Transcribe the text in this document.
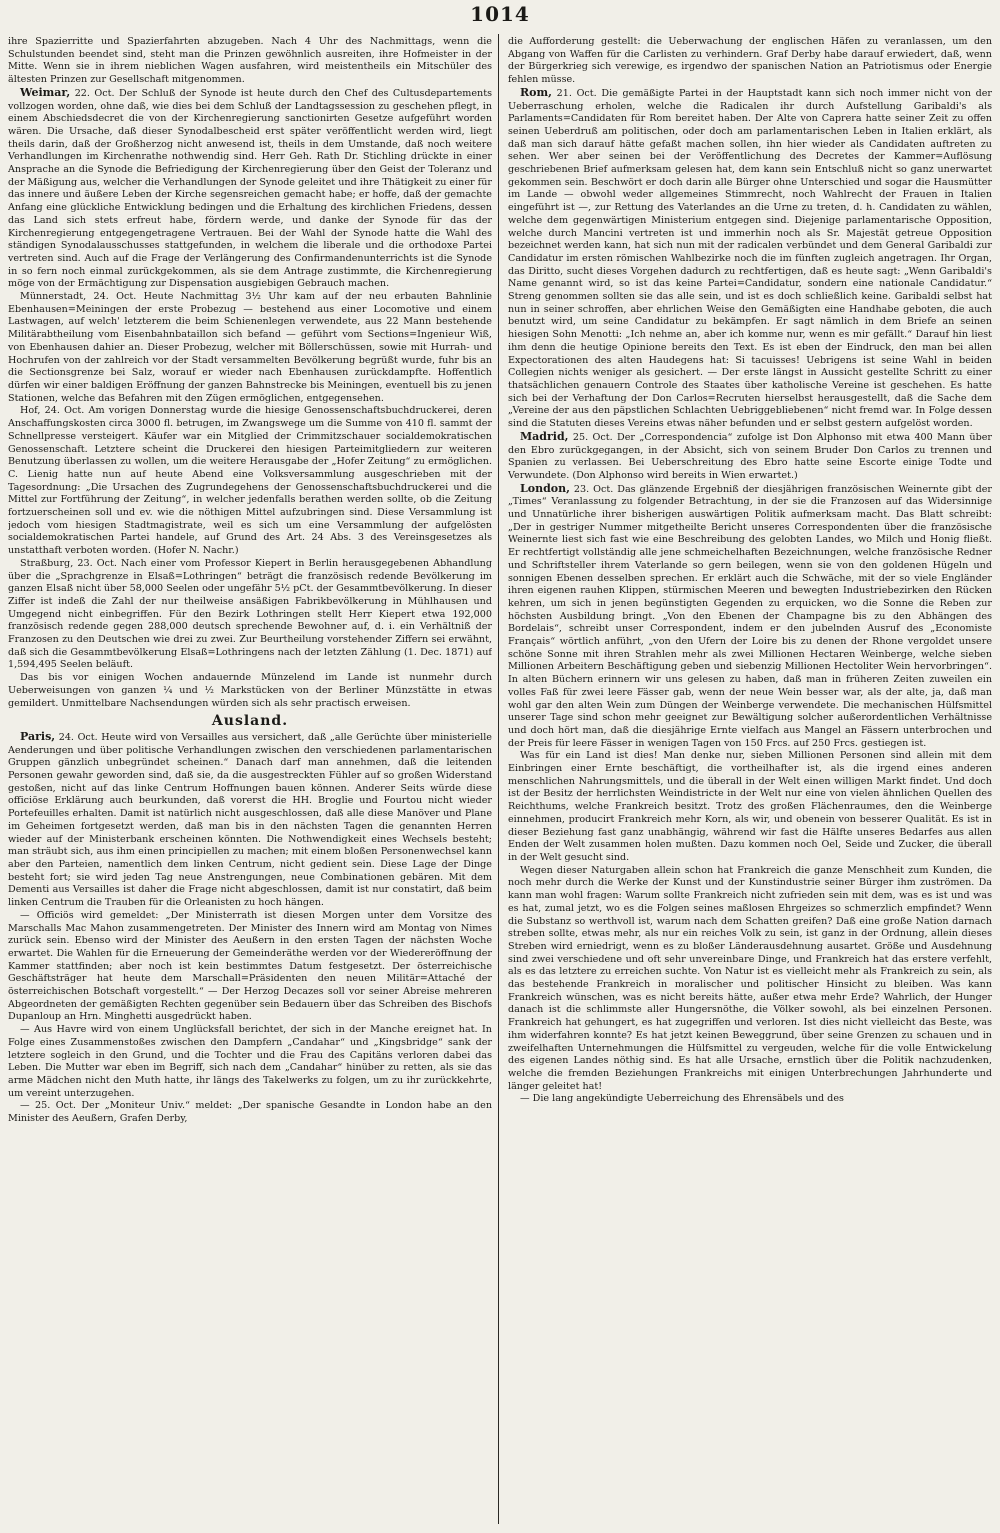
1014

ihre Spazierritte und Spazierfahrten abzugeben. Nach 4 Uhr des Nachmittags, wenn die Schulstunden beendet sind, steht man die Prinzen gewöhnlich ausreiten, ihre Hofmeister in der Mitte. Wenn sie in ihrem nieblichen Wagen ausfahren, wird meistentheils ein Mitschüler des ältesten Prinzen zur Gesellschaft mitgenommen.

Weimar, 22. Oct. Der Schluß der Synode ist heute durch den Chef des Cultusdepartements vollzogen worden, ohne daß, wie dies bei dem Schluß der Landtagssession zu geschehen pflegt, in einem Abschiedsdecret die von der Kirchenregierung sanctionirten Gesetze aufgeführt worden wären. Die Ursache, daß dieser Synodalbescheid erst später veröffentlicht werden wird, liegt theils darin, daß der Großherzog nicht anwesend ist, theils in dem Umstande, daß noch weitere Verhandlungen im Kirchenrathe nothwendig sind. Herr Geh. Rath Dr. Stichling drückte in einer Ansprache an die Synode die Befriedigung der Kirchenregierung über den Geist der Toleranz und der Mäßigung aus, welcher die Verhandlungen der Synode geleitet und ihre Thätigkeit zu einer für das innere und äußere Leben der Kirche segensreichen gemacht habe; er hoffe, daß der gemachte Anfang eine glückliche Entwicklung bedingen und die Erhaltung des kirchlichen Friedens, dessen das Land sich stets erfreut habe, fördern werde, und danke der Synode für das der Kirchenregierung entgegengetragene Vertrauen. Bei der Wahl der Synode hatte die Wahl des ständigen Synodalausschusses stattgefunden, in welchem die liberale und die orthodoxe Partei vertreten sind. Auch auf die Frage der Verlängerung des Confirmandenunterrichts ist die Synode in so fern noch einmal zurückgekommen, als sie dem Antrage zustimmte, die Kirchenregierung möge von der Ermächtigung zur Dispensation ausgiebigen Gebrauch machen.

Münnerstadt, 24. Oct. Heute Nachmittag 3½ Uhr kam auf der neu erbauten Bahnlinie Ebenhausen=Meiningen der erste Probezug — bestehend aus einer Locomotive und einem Lastwagen, auf welch' letzterem die beim Schienenlegen verwendete, aus 22 Mann bestehende Militärabtheilung vom Eisenbahnbataillon sich befand — geführt vom Sections=Ingenieur Wiß, von Ebenhausen dahier an. Dieser Probezug, welcher mit Böllerschüssen, sowie mit Hurrah- und Hochrufen von der zahlreich vor der Stadt versammelten Bevölkerung begrüßt wurde, fuhr bis an die Sectionsgrenze bei Salz, worauf er wieder nach Ebenhausen zurückdampfte. Hoffentlich dürfen wir einer baldigen Eröffnung der ganzen Bahnstrecke bis Meiningen, eventuell bis zu jenen Stationen, welche das Befahren mit den Zügen ermöglichen, entgegensehen.

Hof, 24. Oct. Am vorigen Donnerstag wurde die hiesige Genossenschaftsbuchdruckerei, deren Anschaffungskosten circa 3000 fl. betrugen, im Zwangswege um die Summe von 410 fl. sammt der Schnellpresse versteigert. Käufer war ein Mitglied der Crimmitzschauer socialdemokratischen Genossenschaft. Letztere scheint die Druckerei den hiesigen Parteimitgliedern zur weiteren Benutzung überlassen zu wollen, um die weitere Herausgabe der „Hofer Zeitung“ zu ermöglichen. C. Lienig hatte nun auf heute Abend eine Volksversammlung ausgeschrieben mit der Tagesordnung: „Die Ursachen des Zugrundegehens der Genossenschaftsbuchdruckerei und die Mittel zur Fortführung der Zeitung“, in welcher jedenfalls berathen werden sollte, ob die Zeitung fortzuerscheinen soll und ev. wie die nöthigen Mittel aufzubringen sind. Diese Versammlung ist jedoch vom hiesigen Stadtmagistrate, weil es sich um eine Versammlung der aufgelösten socialdemokratischen Partei handele, auf Grund des Art. 24 Abs. 3 des Vereinsgesetzes als unstatthaft verboten worden. (Hofer N. Nachr.)

Straßburg, 23. Oct. Nach einer vom Professor Kiepert in Berlin herausgegebenen Abhandlung über die „Sprachgrenze in Elsaß=Lothringen“ beträgt die französisch redende Bevölkerung im ganzen Elsaß nicht über 58,000 Seelen oder ungefähr 5½ pCt. der Gesammtbevölkerung. In dieser Ziffer ist indeß die Zahl der nur theilweise ansäßigen Fabrikbevölkerung in Mühlhausen und Umgegend nicht einbegriffen. Für den Bezirk Lothringen stellt Herr Kiepert etwa 192,000 französisch redende gegen 288,000 deutsch sprechende Bewohner auf, d. i. ein Verhältniß der Franzosen zu den Deutschen wie drei zu zwei. Zur Beurtheilung vorstehender Ziffern sei erwähnt, daß sich die Gesammtbevölkerung Elsaß=Lothringens nach der letzten Zählung (1. Dec. 1871) auf 1,594,495 Seelen beläuft.

Das bis vor einigen Wochen andauernde Münzelend im Lande ist nunmehr durch Ueberweisungen von ganzen ¼ und ½ Markstücken von der Berliner Münzstätte in etwas gemildert. Unmittelbare Nachsendungen würden sich als sehr practisch erweisen.

Ausland.

Paris, 24. Oct. Heute wird von Versailles aus versichert, daß „alle Gerüchte über ministerielle Aenderungen und über politische Verhandlungen zwischen den verschiedenen parlamentarischen Gruppen gänzlich unbegründet scheinen.“ Danach darf man annehmen, daß die leitenden Personen gewahr geworden sind, daß sie, da die ausgestreckten Fühler auf so großen Widerstand gestoßen, nicht auf das linke Centrum Hoffnungen bauen können. Anderer Seits würde diese officiöse Erklärung auch beurkunden, daß vorerst die HH. Broglie und Fourtou nicht wieder Portefeuilles erhalten. Damit ist natürlich nicht ausgeschlossen, daß alle diese Manöver und Plane im Geheimen fortgesetzt werden, daß man bis in den nächsten Tagen die genannten Herren wieder auf der Ministerbank erscheinen könnten. Die Nothwendigkeit eines Wechsels besteht; man sträubt sich, aus ihm einen principiellen zu machen; mit einem bloßen Personenwechsel kann aber den Parteien, namentlich dem linken Centrum, nicht gedient sein. Diese Lage der Dinge besteht fort; sie wird jeden Tag neue Anstrengungen, neue Combinationen gebären. Mit dem Dementi aus Versailles ist daher die Frage nicht abgeschlossen, damit ist nur constatirt, daß beim linken Centrum die Trauben für die Orleanisten zu hoch hängen.

— Officiös wird gemeldet: „Der Ministerrath ist diesen Morgen unter dem Vorsitze des Marschalls Mac Mahon zusammengetreten. Der Minister des Innern wird am Montag von Nimes zurück sein. Ebenso wird der Minister des Aeußern in den ersten Tagen der nächsten Woche erwartet. Die Wahlen für die Erneuerung der Gemeinderäthe werden vor der Wiedereröffnung der Kammer stattfinden; aber noch ist kein bestimmtes Datum festgesetzt. Der österreichische Geschäftsträger hat heute dem Marschall=Präsidenten den neuen Militär=Attaché der österreichischen Botschaft vorgestellt.“ — Der Herzog Decazes soll vor seiner Abreise mehreren Abgeordneten der gemäßigten Rechten gegenüber sein Bedauern über das Schreiben des Bischofs Dupanloup an Hrn. Minghetti ausgedrückt haben.

— Aus Havre wird von einem Unglücksfall berichtet, der sich in der Manche ereignet hat. In Folge eines Zusammenstoßes zwischen den Dampfern „Candahar“ und „Kingsbridge“ sank der letztere sogleich in den Grund, und die Tochter und die Frau des Capitäns verloren dabei das Leben. Die Mutter war eben im Begriff, sich nach dem „Candahar“ hinüber zu retten, als sie das arme Mädchen nicht den Muth hatte, ihr längs des Takelwerks zu folgen, um zu ihr zurückkehrte, um vereint unterzugehen.

— 25. Oct. Der „Moniteur Univ.“ meldet: „Der spanische Gesandte in London habe an den Minister des Aeußern, Grafen Derby,

die Aufforderung gestellt: die Ueberwachung der englischen Häfen zu veranlassen, um den Abgang von Waffen für die Carlisten zu verhindern. Graf Derby habe darauf erwiedert, daß, wenn der Bürgerkrieg sich verewige, es irgendwo der spanischen Nation an Patriotismus oder Energie fehlen müsse.

Rom, 21. Oct. Die gemäßigte Partei in der Hauptstadt kann sich noch immer nicht von der Ueberraschung erholen, welche die Radicalen ihr durch Aufstellung Garibaldi's als Parlaments=Candidaten für Rom bereitet haben. Der Alte von Caprera hatte seiner Zeit zu offen seinen Ueberdruß am politischen, oder doch am parlamentarischen Leben in Italien erklärt, als daß man sich darauf hätte gefaßt machen sollen, ihn hier wieder als Candidaten auftreten zu sehen. Wer aber seinen bei der Veröffentlichung des Decretes der Kammer=Auflösung geschriebenen Brief aufmerksam gelesen hat, dem kann sein Entschluß nicht so ganz unerwartet gekommen sein. Beschwört er doch darin alle Bürger ohne Unterschied und sogar die Hausmütter im Lande — obwohl weder allgemeines Stimmrecht, noch Wahlrecht der Frauen in Italien eingeführt ist —, zur Rettung des Vaterlandes an die Urne zu treten, d. h. Candidaten zu wählen, welche dem gegenwärtigen Ministerium entgegen sind. Diejenige parlamentarische Opposition, welche durch Mancini vertreten ist und immerhin noch als Sr. Majestät getreue Opposition bezeichnet werden kann, hat sich nun mit der radicalen verbündet und dem General Garibaldi zur Candidatur im ersten römischen Wahlbezirke noch die im fünften zugleich angetragen. Ihr Organ, das Diritto, sucht dieses Vorgehen dadurch zu rechtfertigen, daß es heute sagt: „Wenn Garibaldi's Name genannt wird, so ist das keine Partei=Candidatur, sondern eine nationale Candidatur.“ Streng genommen sollten sie das alle sein, und ist es doch schließlich keine. Garibaldi selbst hat nun in seiner schroffen, aber ehrlichen Weise den Gemäßigten eine Handhabe geboten, die auch benutzt wird, um seine Candidatur zu bekämpfen. Er sagt nämlich in dem Briefe an seinen hiesigen Sohn Menotti: „Ich nehme an, aber ich komme nur, wenn es mir gefällt.“ Darauf hin liest ihm denn die heutige Opinione bereits den Text. Es ist eben der Eindruck, den man bei allen Expectorationen des alten Haudegens hat: Si tacuisses! Uebrigens ist seine Wahl in beiden Collegien nichts weniger als gesichert. — Der erste längst in Aussicht gestellte Schritt zu einer thatsächlichen genauern Controle des Staates über katholische Vereine ist geschehen. Es hatte sich bei der Verhaftung der Don Carlos=Recruten hierselbst herausgestellt, daß die Sache dem „Vereine der aus den päpstlichen Schlachten Uebriggebliebenen“ nicht fremd war. In Folge dessen sind die Statuten dieses Vereins etwas näher befunden und er selbst gestern aufgelöst worden.

Madrid, 25. Oct. Der „Correspondencia“ zufolge ist Don Alphonso mit etwa 400 Mann über den Ebro zurückgegangen, in der Absicht, sich von seinem Bruder Don Carlos zu trennen und Spanien zu verlassen. Bei Ueberschreitung des Ebro hatte seine Escorte einige Todte und Verwundete. (Don Alphonso wird bereits in Wien erwartet.)

London, 23. Oct. Das glänzende Ergebniß der diesjährigen französischen Weinernte gibt der „Times“ Veranlassung zu folgender Betrachtung, in der sie die Franzosen auf das Widersinnige und Unnatürliche ihrer bisherigen auswärtigen Politik aufmerksam macht. Das Blatt schreibt: „Der in gestriger Nummer mitgetheilte Bericht unseres Correspondenten über die französische Weinernte liest sich fast wie eine Beschreibung des gelobten Landes, wo Milch und Honig fließt. Er rechtfertigt vollständig alle jene schmeichelhaften Bezeichnungen, welche französische Redner und Schriftsteller ihrem Vaterlande so gern beilegen, wenn sie von den goldenen Hügeln und sonnigen Ebenen desselben sprechen. Er erklärt auch die Schwäche, mit der so viele Engländer ihren eigenen rauhen Klippen, stürmischen Meeren und bewegten Industriebezirken den Rücken kehren, um sich in jenen begünstigten Gegenden zu erquicken, wo die Sonne die Reben zur höchsten Ausbildung bringt. „Von den Ebenen der Champagne bis zu den Abhängen des Bordelais“, schreibt unser Correspondent, indem er den jubelnden Ausruf des „Economiste Français“ wörtlich anführt, „von den Ufern der Loire bis zu denen der Rhone vergoldet unsere schöne Sonne mit ihren Strahlen mehr als zwei Millionen Hectaren Weinberge, welche sieben Millionen Arbeitern Beschäftigung geben und siebenzig Millionen Hectoliter Wein hervorbringen“. In alten Büchern erinnern wir uns gelesen zu haben, daß man in früheren Zeiten zuweilen ein volles Faß für zwei leere Fässer gab, wenn der neue Wein besser war, als der alte, ja, daß man wohl gar den alten Wein zum Düngen der Weinberge verwendete. Die mechanischen Hülfsmittel unserer Tage sind schon mehr geeignet zur Bewältigung solcher außerordentlichen Verhältnisse und doch hört man, daß die diesjährige Ernte vielfach aus Mangel an Fässern unterbrochen und der Preis für leere Fässer in wenigen Tagen von 150 Frcs. auf 250 Frcs. gestiegen ist.

Was für ein Land ist dies! Man denke nur, sieben Millionen Personen sind allein mit dem Einbringen einer Ernte beschäftigt, die vortheilhafter ist, als die irgend eines anderen menschlichen Nahrungsmittels, und die überall in der Welt einen willigen Markt findet. Und doch ist der Besitz der herrlichsten Weindistricte in der Welt nur eine von vielen ähnlichen Quellen des Reichthums, welche Frankreich besitzt. Trotz des großen Flächenraumes, den die Weinberge einnehmen, producirt Frankreich mehr Korn, als wir, und obenein von besserer Qualität. Es ist in dieser Beziehung fast ganz unabhängig, während wir fast die Hälfte unseres Bedarfes aus allen Enden der Welt zusammen holen mußten. Dazu kommen noch Oel, Seide und Zucker, die überall in der Welt gesucht sind.

Wegen dieser Naturgaben allein schon hat Frankreich die ganze Menschheit zum Kunden, die noch mehr durch die Werke der Kunst und der Kunstindustrie seiner Bürger ihm zuströmen. Da kann man wohl fragen: Warum sollte Frankreich nicht zufrieden sein mit dem, was es ist und was es hat, zumal jetzt, wo es die Folgen seines maßlosen Ehrgeizes so schmerzlich empfindet? Wenn die Substanz so werthvoll ist, warum nach dem Schatten greifen? Daß eine große Nation darnach streben sollte, etwas mehr, als nur ein reiches Volk zu sein, ist ganz in der Ordnung, allein dieses Streben wird erniedrigt, wenn es zu bloßer Länderausdehnung ausartet. Größe und Ausdehnung sind zwei verschiedene und oft sehr unvereinbare Dinge, und Frankreich hat das erstere verfehlt, als es das letztere zu erreichen suchte. Von Natur ist es vielleicht mehr als Frankreich zu sein, als das bestehende Frankreich in moralischer und politischer Hinsicht zu bleiben. Was kann Frankreich wünschen, was es nicht bereits hätte, außer etwa mehr Erde? Wahrlich, der Hunger danach ist die schlimmste aller Hungersnöthe, die Völker sowohl, als bei einzelnen Personen. Frankreich hat gehungert, es hat zugegriffen und verloren. Ist dies nicht vielleicht das Beste, was ihm widerfahren konnte? Es hat jetzt keinen Beweggrund, über seine Grenzen zu schauen und in zweifelhaften Unternehmungen die Hülfsmittel zu vergeuden, welche für die volle Entwickelung des eigenen Landes nöthig sind. Es hat alle Ursache, ernstlich über die Politik nachzudenken, welche die fremden Beziehungen Frankreichs mit einigen Unterbrechungen Jahrhunderte und länger geleitet hat!

— Die lang angekündigte Ueberreichung des Ehrensäbels und des
